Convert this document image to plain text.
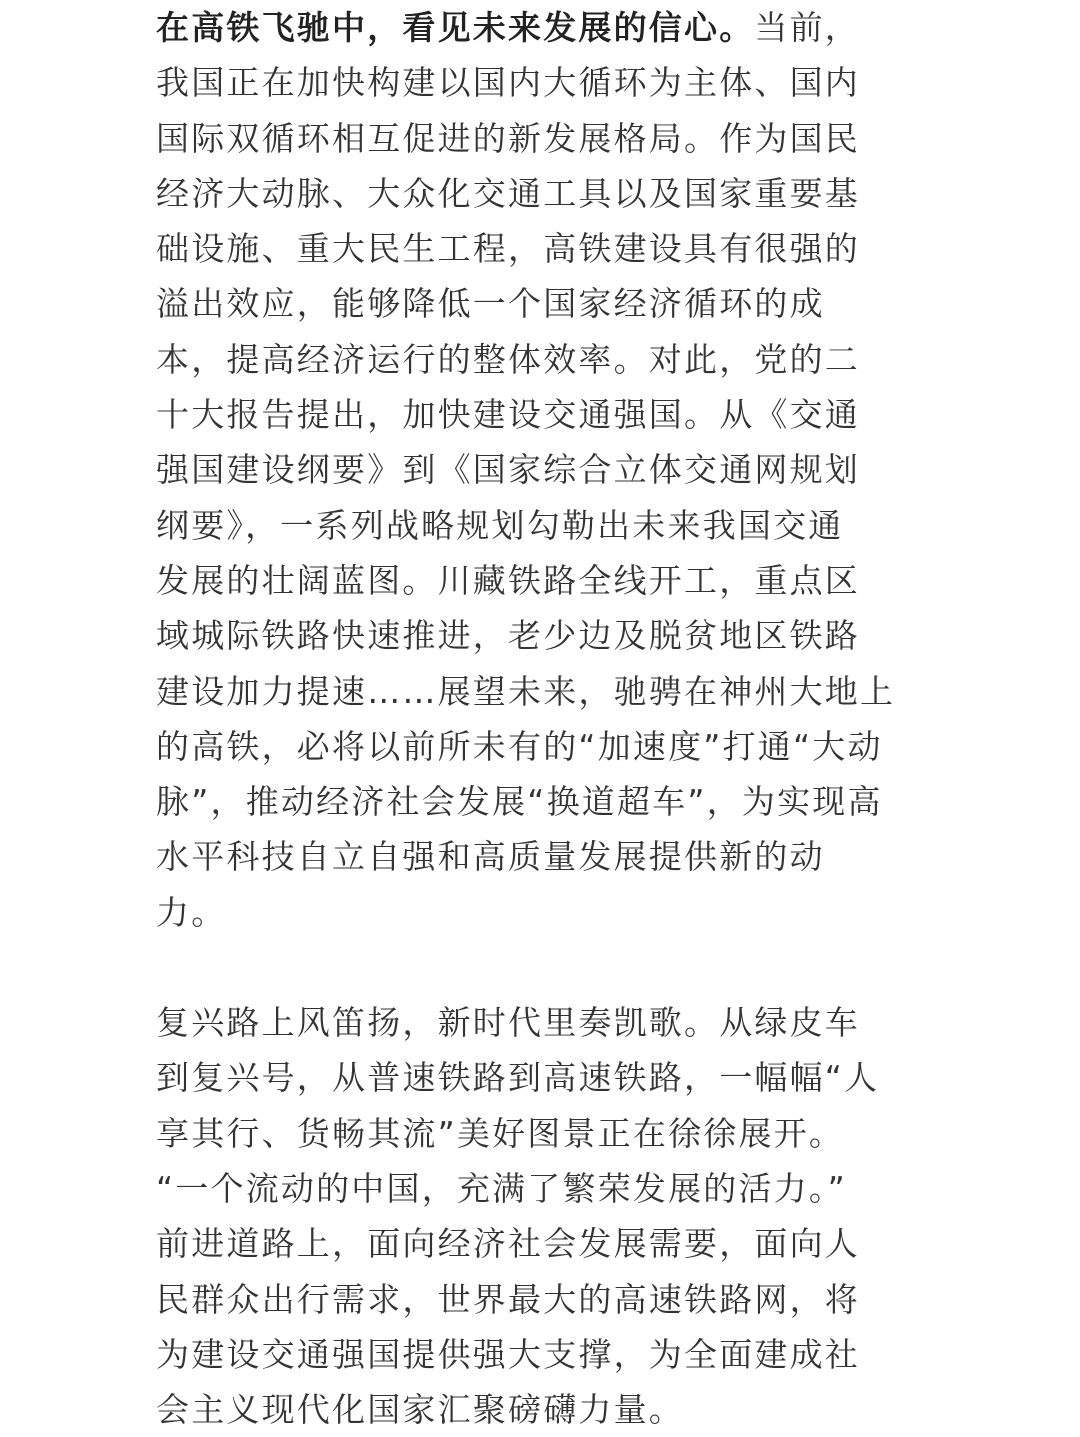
在高铁飞驰中，看见未来发展的信心。当前，
我国正在加快构建以国内大循环为主体、国内
国际双循环相互促进的新发展格局。作为国民
经济大动脉、大众化交通工具以及国家重要基
础设施、重大民生工程，高铁建设具有很强的
溢出效应，能够降低一个国家经济循环的成
本，提高经济运行的整体效率。对此，党的二
十大报告提出，加快建设交通强国。从《交通
强国建设纲要》到《国家综合立体交通网规划
纲要》，一系列战略规划勾勒出未来我国交通
发展的壮阔蓝图。川藏铁路全线开工，重点区
域城际铁路快速推进，老少边及脱贫地区铁路
建设加力提速……展望未来，驰骋在神州大地上
的高铁，必将以前所未有的“加速度”打通“大动
脉”，推动经济社会发展“换道超车”，为实现高
水平科技自立自强和高质量发展提供新的动
力。
复兴路上风笛扬，新时代里奏凯歌。从绿皮车
到复兴号，从普速铁路到高速铁路，一幅幅“人
享其行、货畅其流”美好图景正在徐徐展开。
“一个流动的中国，充满了繁荣发展的活力。”
前进道路上，面向经济社会发展需要，面向人
民群众出行需求，世界最大的高速铁路网，将
为建设交通强国提供强大支撑，为全面建成社
会主义现代化国家汇聚磅礴力量。
